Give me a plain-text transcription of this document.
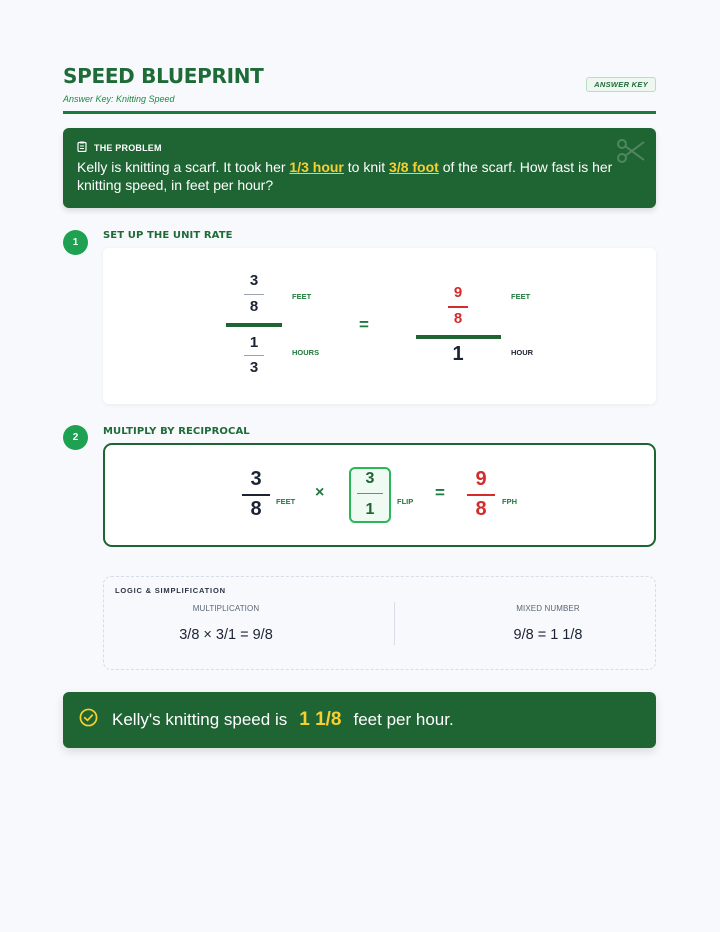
SPEED BLUEPRINT
Answer Key: Knitting Speed
ANSWER KEY
THE PROBLEM
Kelly is knitting a scarf. It took her 1/3 hour to knit 3/8 foot of the scarf. How fast is her knitting speed, in feet per hour?
1
SET UP THE UNIT RATE
3
8
1
3
FEET
HOURS
=
9
8
1
FEET
HOUR
2
MULTIPLY BY RECIPROCAL
3
8	FEET
×
3
1	FLIP =
9
8	FPH
LOGIC & SIMPLIFICATION
MULTIPLICATION
3/8 × 3/1 = 9/8
MIXED NUMBER
9/8 = 1 1/8
Kelly's knitting speed is 1 1/8 feet per hour.
